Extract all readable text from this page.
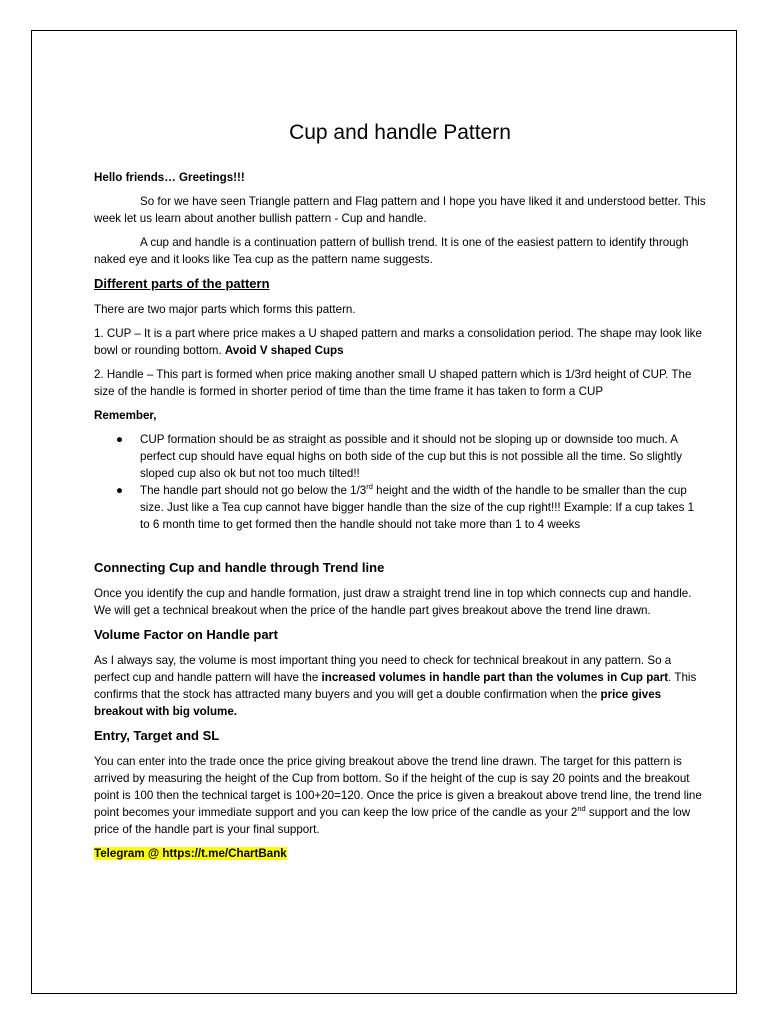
Cup and handle Pattern

Hello friends… Greetings!!!

So for we have seen Triangle pattern and Flag pattern and I hope you have liked it and understood better. This week let us learn about another bullish pattern - Cup and handle.

A cup and handle is a continuation pattern of bullish trend. It is one of the easiest pattern to identify through naked eye and it looks like Tea cup as the pattern name suggests.

Different parts of the pattern

There are two major parts which forms this pattern.

1. CUP – It is a part where price makes a U shaped pattern and marks a consolidation period. The shape may look like bowl or rounding bottom. Avoid V shaped Cups

2. Handle – This part is formed when price making another small U shaped pattern which is 1/3rd height of CUP. The size of the handle is formed in shorter period of time than the time frame it has taken to form a CUP

Remember,

● CUP formation should be as straight as possible and it should not be sloping up or downside too much. A perfect cup should have equal highs on both side of the cup but this is not possible all the time. So slightly sloped cup also ok but not too much tilted!!
● The handle part should not go below the 1/3rd height and the width of the handle to be smaller than the cup size. Just like a Tea cup cannot have bigger handle than the size of the cup right!!! Example: If a cup takes 1 to 6 month time to get formed then the handle should not take more than 1 to 4 weeks
Connecting Cup and handle through Trend line

Once you identify the cup and handle formation, just draw a straight trend line in top which connects cup and handle. We will get a technical breakout when the price of the handle part gives breakout above the trend line drawn.

Volume Factor on Handle part

As I always say, the volume is most important thing you need to check for technical breakout in any pattern. So a perfect cup and handle pattern will have the increased volumes in handle part than the volumes in Cup part. This confirms that the stock has attracted many buyers and you will get a double confirmation when the price gives breakout with big volume.

Entry, Target and SL

You can enter into the trade once the price giving breakout above the trend line drawn. The target for this pattern is arrived by measuring the height of the Cup from bottom. So if the height of the cup is say 20 points and the breakout point is 100 then the technical target is 100+20=120. Once the price is given a breakout above trend line, the trend line point becomes your immediate support and you can keep the low price of the candle as your 2nd support and the low price of the handle part is your final support.

Telegram @ https://t.me/ChartBank
